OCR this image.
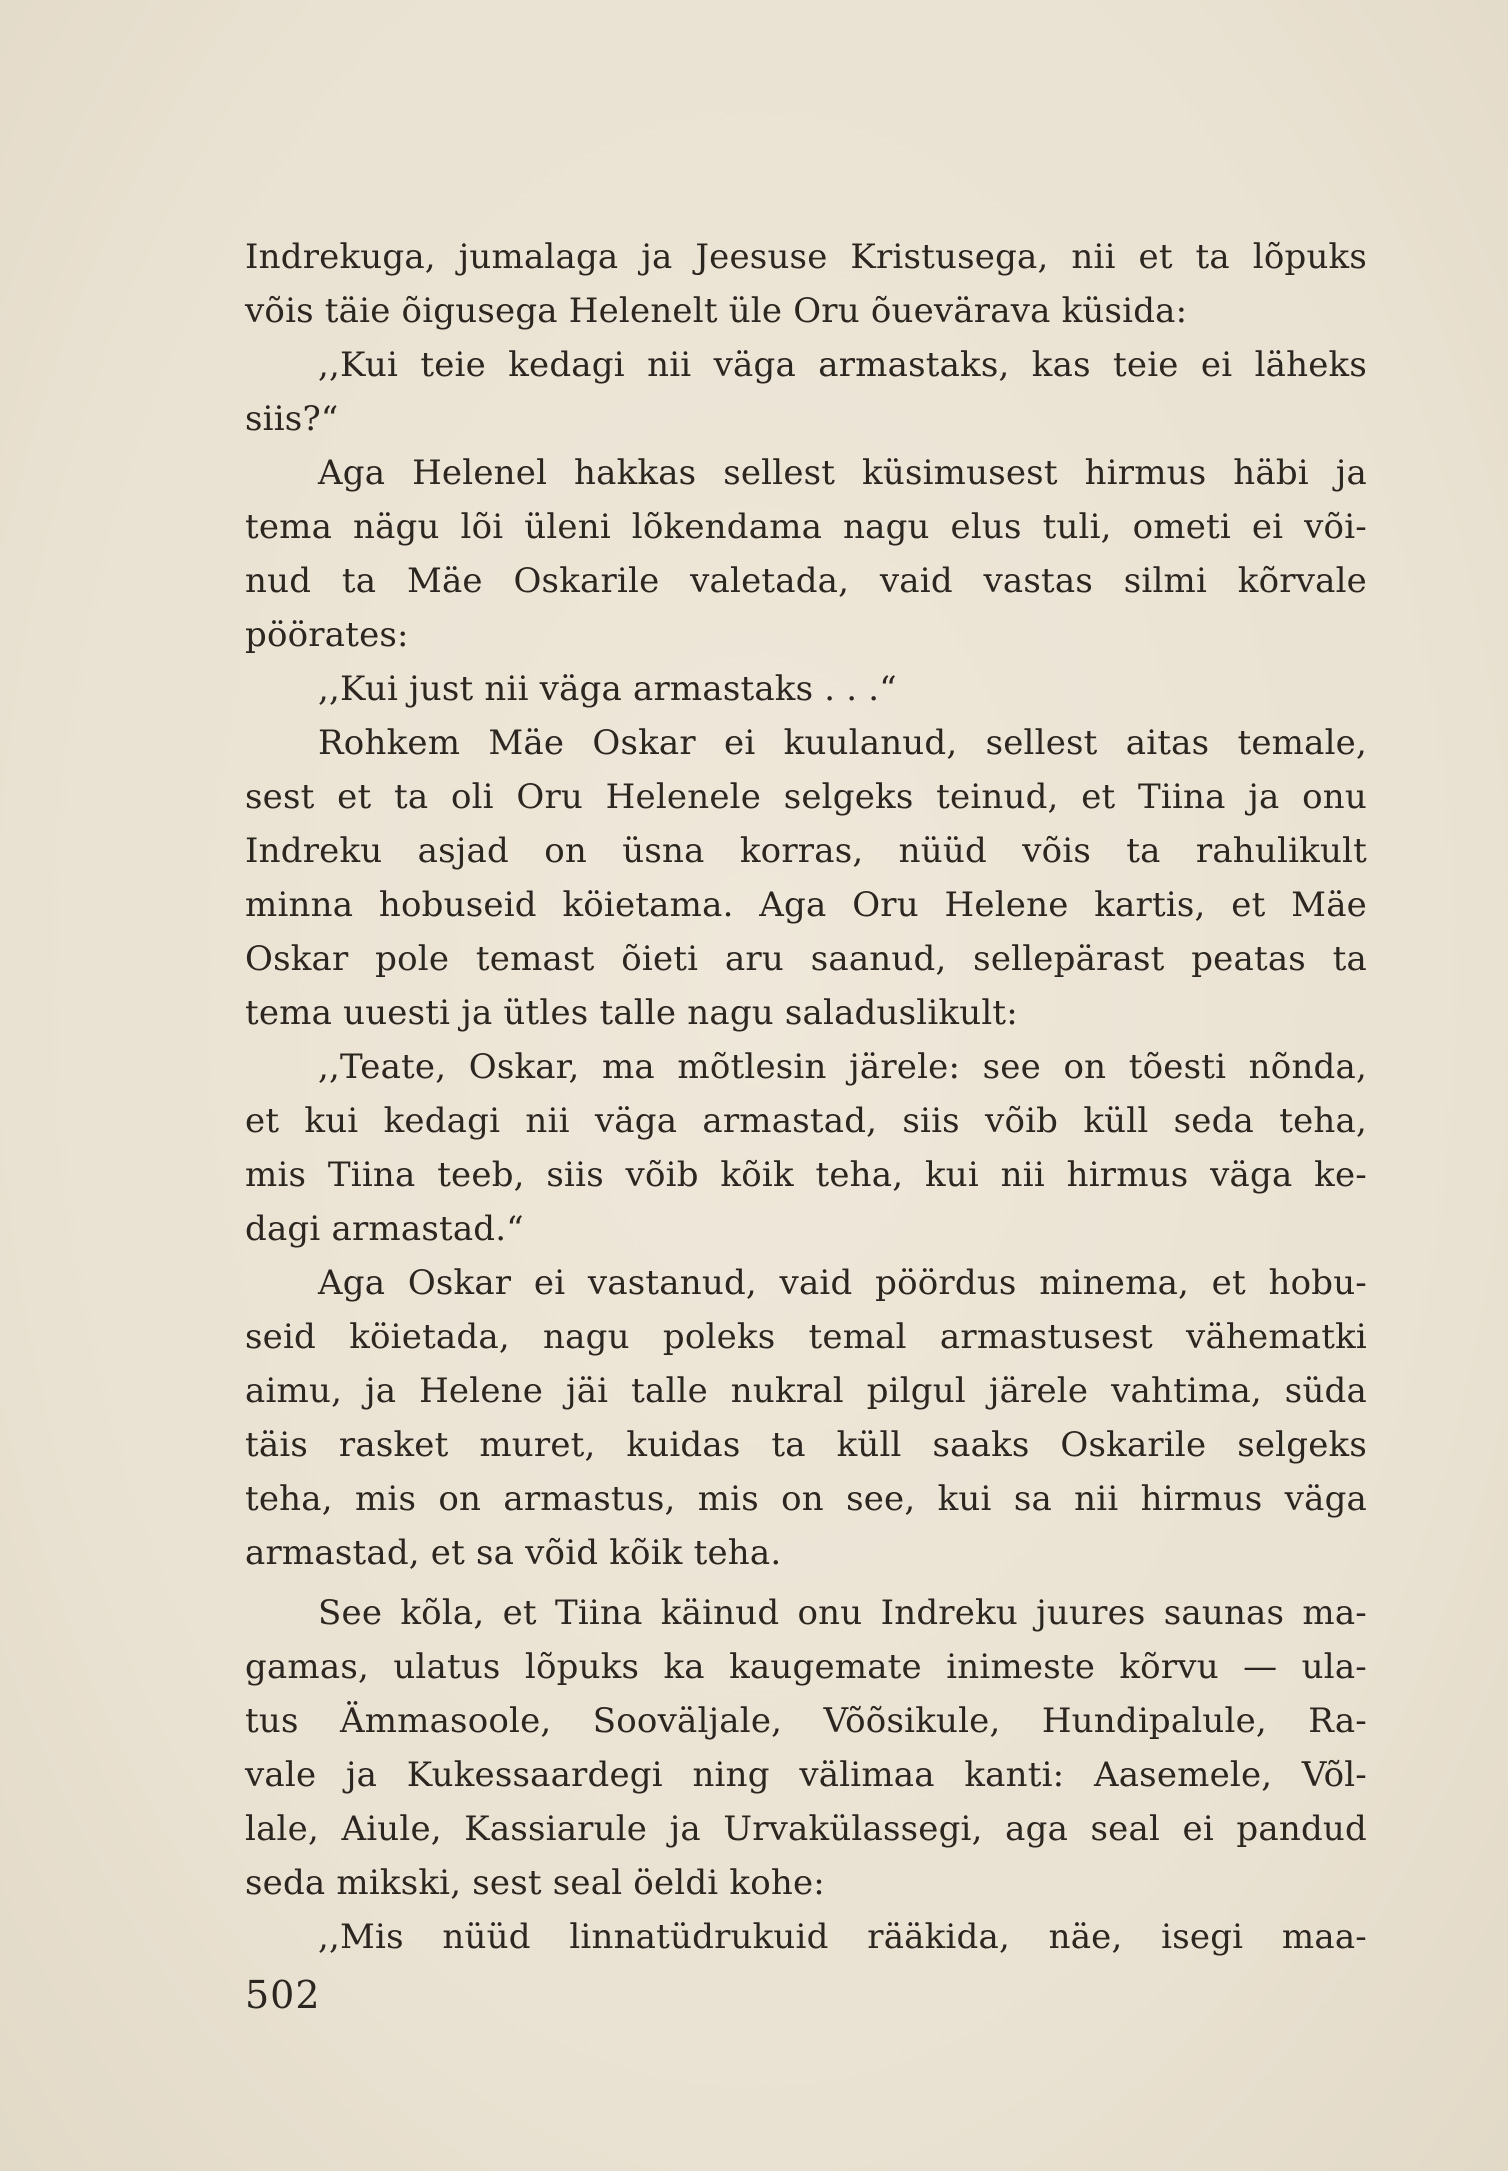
Indrekuga, jumalaga ja Jeesuse Kristusega, nii et ta lõpuks
võis täie õigusega Helenelt üle Oru õueväravа küsida:
,,Kui teie kedagi nii väga armastaks, kas teie ei läheks
siis?“
Aga Helenel hakkas sellest küsimusest hirmus häbi ja
tema nägu lõi üleni lõkendama nagu elus tuli, ometi ei või-
nud ta Mäe Oskarile valetada, vaid vastas silmi kõrvale
pöörates:
,,Kui just nii väga armastaks . . .“
Rohkem Mäe Oskar ei kuulanud, sellest aitas temale,
sest et ta oli Oru Helenele selgeks teinud, et Tiina ja onu
Indreku asjad on üsna korras, nüüd võis ta rahulikult
minna hobuseid köietama. Aga Oru Helene kartis, et Mäe
Oskar pole temast õieti aru saanud, sellepärast peatas ta
tema uuesti ja ütles talle nagu saladuslikult:
,,Teate, Oskar, ma mõtlesin järele: see on tõesti nõnda,
et kui kedagi nii väga armastad, siis võib küll seda teha,
mis Tiina teeb, siis võib kõik teha, kui nii hirmus väga ke-
dagi armastad.“
Aga Oskar ei vastanud, vaid pöördus minema, et hobu-
seid köietada, nagu poleks temal armastusest vähematki
aimu, ja Helene jäi talle nukral pilgul järele vahtima, süda
täis rasket muret, kuidas ta küll saaks Oskarile selgeks
teha, mis on armastus, mis on see, kui sa nii hirmus väga
armastad, et sa võid kõik teha.
See kõla, et Tiina käinud onu Indreku juures saunas ma-
gamas, ulatus lõpuks ka kaugemate inimeste kõrvu — ula-
tus Ämmasoole, Sooväljale, Võõsikule, Hundipalule, Ra-
vale ja Kukessaardegi ning välimaa kanti: Aasemele, Võl-
lale, Aiule, Kassiarule ja Urvakülassegi, aga seal ei pandud
seda mikski, sest seal öeldi kohe:
,,Mis nüüd linnatüdrukuid rääkida, näe, isegi maa-
502
